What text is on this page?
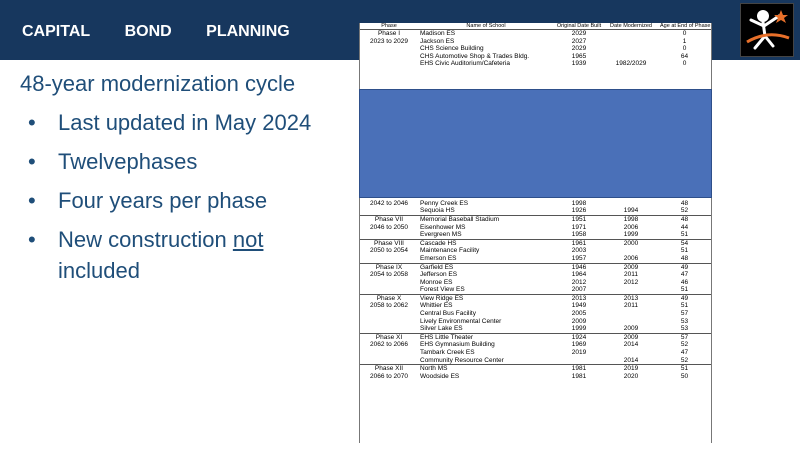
CAPITAL BOND PLANNING
48-year modernization cycle
• Last updated in May 2024
• Twelvephases
• Four years per phase
• New construction not included
Phase	Name of School	Original Date Built	Date Modernized	Age at End of Phase

Phase I
2023 to 2029	Madison ES	2029		0
	Jackson ES	2027		1
	CHS Science Building	2029		0
	CHS Automotive Shop & Trades Bldg.	1965		64
	EHS Civic Auditorium/Cafeteria	1939	1982/2029	0

2042 to 2046

	Penny Creek ES	1998		48
	Sequoia HS	1926	1994	52

Phase VII
2046 to 2050	Memorial Baseball Stadium	1951	1998	48
	Eisenhower MS	1971	2006	44
	Evergreen MS	1958	1999	51

Phase VIII
2050 to 2054	Cascade HS	1961	2000	54
	Maintenance Facility	2003		51
	Emerson ES	1957	2006	48

Phase IX
2054 to 2058	Garfield ES	1946	2009	49
	Jefferson ES	1964	2011	47
	Monroe ES	2012	2012	46
	Forest View ES	2007		51

Phase X
2058 to 2062	View Ridge ES	2013	2013	49
	Whittier ES	1949	2011	51
	Central Bus Facility	2005		57
	Lively Environmental Center	2009		53
	Silver Lake ES	1999	2009	53

Phase XI
2062 to 2066	EHS Little Theater	1924	2009	57
	EHS Gymnasium Building	1969	2014	52
	Tambark Creek ES	2019		47
	Community Resource Center		2014	52

Phase XII
2066 to 2070	North MS	1981	2019	51
	Woodside ES	1981	2020	50
